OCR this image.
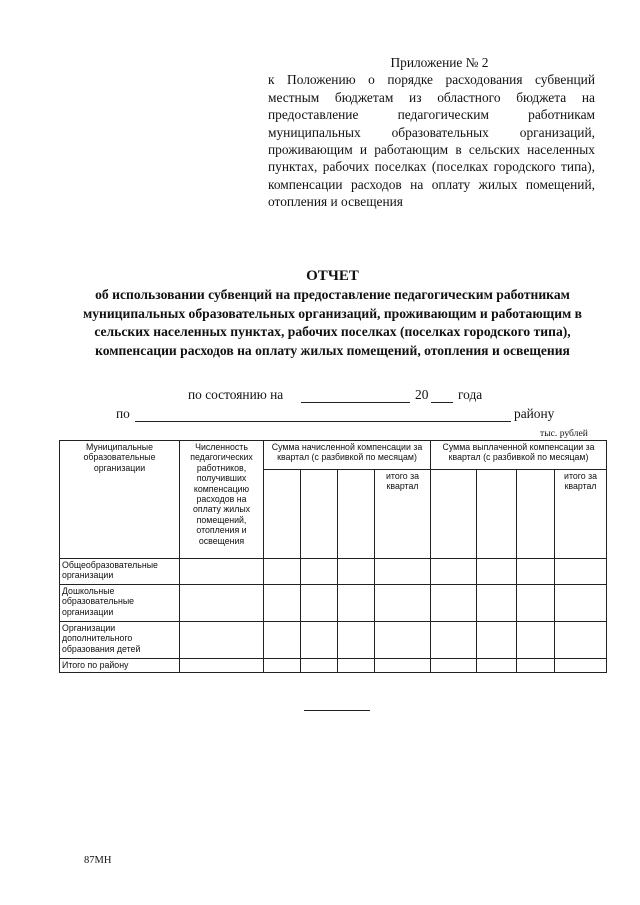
Приложение № 2
к Положению о порядке расходования субвенций местным бюджетам из областного бюджета на предоставление педагогическим работникам муниципальных образовательных организаций, проживающим и работающим в сельских населенных пунктах, рабочих поселках (поселках городского типа), компенсации расходов на оплату жилых помещений, отопления и освещения
ОТЧЕТ
об использовании субвенций на предоставление педагогическим работникам муниципальных образовательных организаций, проживающим и работающим в сельских населенных пунктах, рабочих поселках (поселках городского типа), компенсации расходов на оплату жилых помещений, отопления и освещения
по состоянию на	20 года
по	району
тыс. рублей
Муниципальные образовательные организации	Численность педагогических работников, получивших компенсацию расходов на оплату жилых помещений, отопления и освещения	Сумма начисленной компенсации за квартал (с разбивкой по месяцам)				Сумма выплаченной компенсации за квартал (с разбивкой по месяцам)			
					итого за квартал				итого за квартал
Общеобразовательные организации									
Дошкольные образовательные организации									
Организации дополнительного образования детей									
Итого по району									
87МН
